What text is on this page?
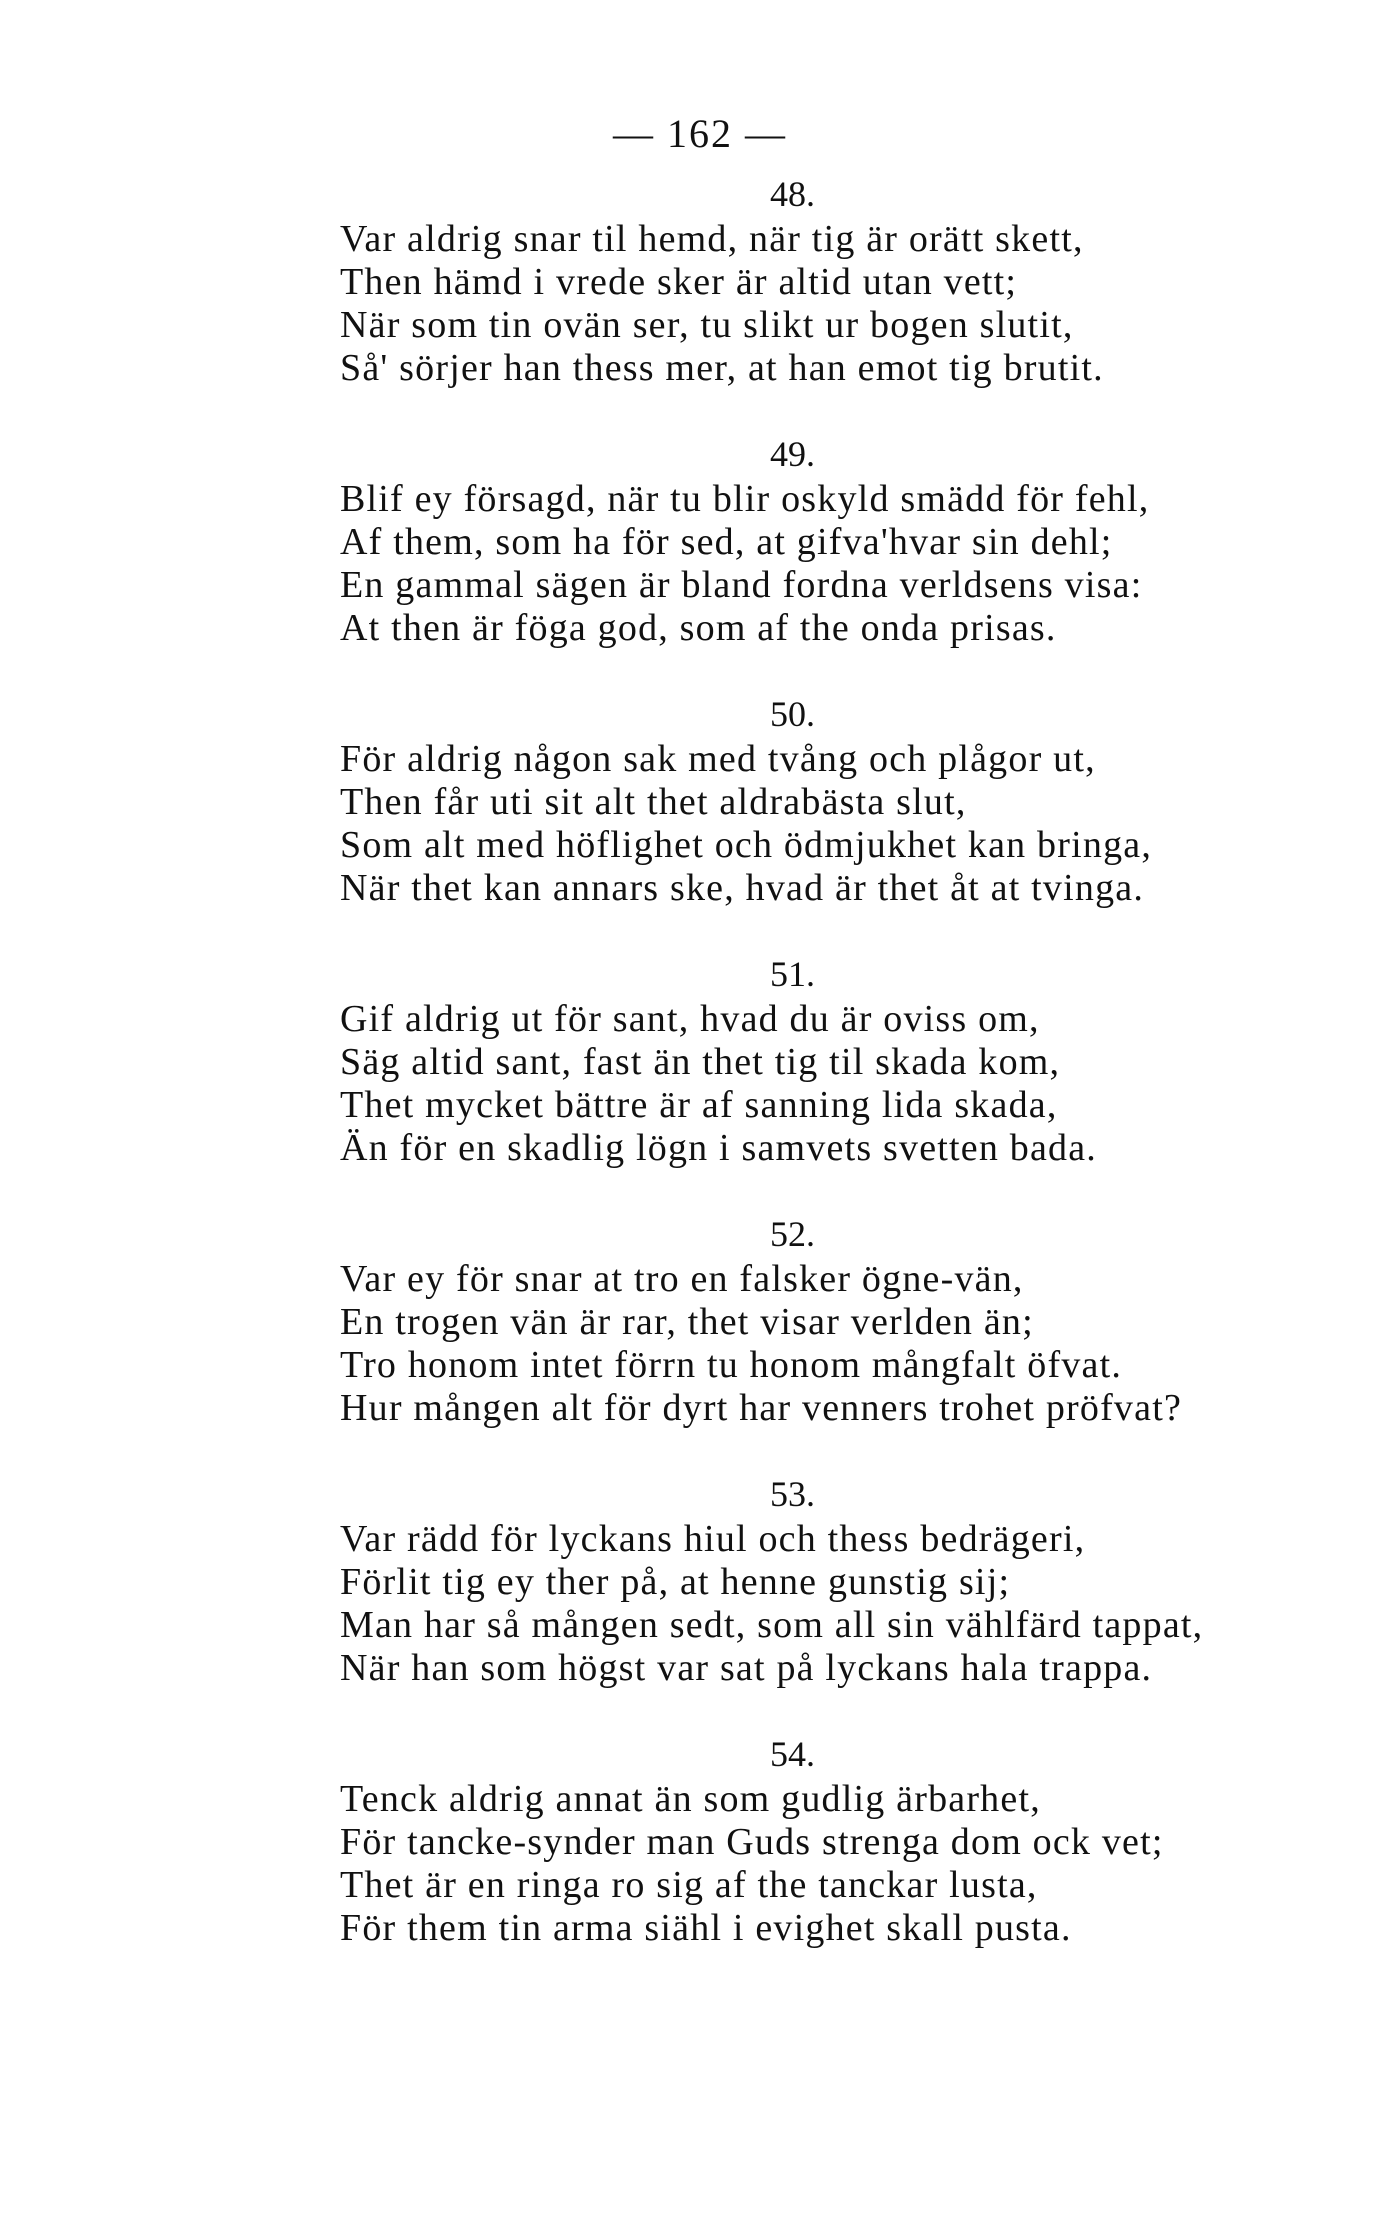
— 162 —
48.
Var aldrig snar til hemd, när tig är orätt skett,
Then hämd i vrede sker är altid utan vett;
När som tin ovän ser, tu slikt ur bogen slutit,
Så' sörjer han thess mer, at han emot tig brutit.
49.
Blif ey försagd, när tu blir oskyld smädd för fehl,
Af them, som ha för sed, at gifva'hvar sin dehl;
En gammal sägen är bland fordna verldsens visa:
At then är föga god, som af the onda prisas.
50.
För aldrig någon sak med tvång och plågor ut,
Then får uti sit alt thet aldrabästa slut,
Som alt med höflighet och ödmjukhet kan bringa,
När thet kan annars ske, hvad är thet åt at tvinga.
51.
Gif aldrig ut för sant, hvad du är oviss om,
Säg altid sant, fast än thet tig til skada kom,
Thet mycket bättre är af sanning lida skada,
Än för en skadlig lögn i samvets svetten bada.
52.
Var ey för snar at tro en falsker ögne-vän,
En trogen vän är rar, thet visar verlden än;
Tro honom intet förrn tu honom mångfalt öfvat.
Hur mången alt för dyrt har venners trohet pröfvat?
53.
Var rädd för lyckans hiul och thess bedrägeri,
Förlit tig ey ther på, at henne gunstig sij;
Man har så mången sedt, som all sin vählfärd tappat,
När han som högst var sat på lyckans hala trappa.
54.
Tenck aldrig annat än som gudlig ärbarhet,
För tancke-synder man Guds strenga dom ock vet;
Thet är en ringa ro sig af the tanckar lusta,
För them tin arma siähl i evighet skall pusta.
